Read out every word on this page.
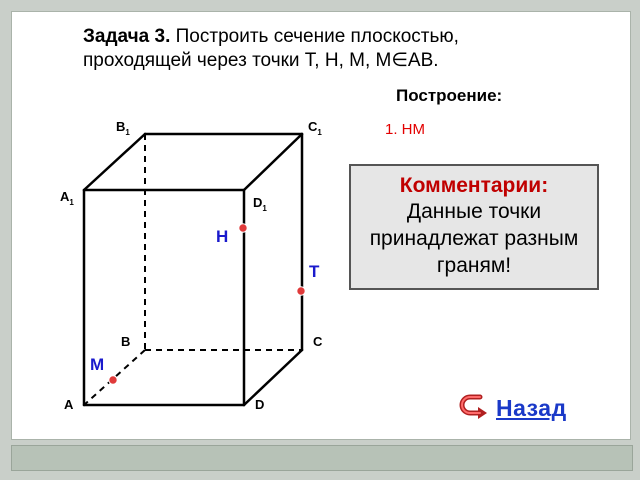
Задача 3. Построить сечение плоскостью, проходящей через точки T, H, M, M∈AB.
Построение:
1. HM
Комментарии:
Данные точки принадлежат разным граням!
$B_1$	$C_1$
$A_1$	$D_1$
B	C
A	D
H
T
M
Назад
